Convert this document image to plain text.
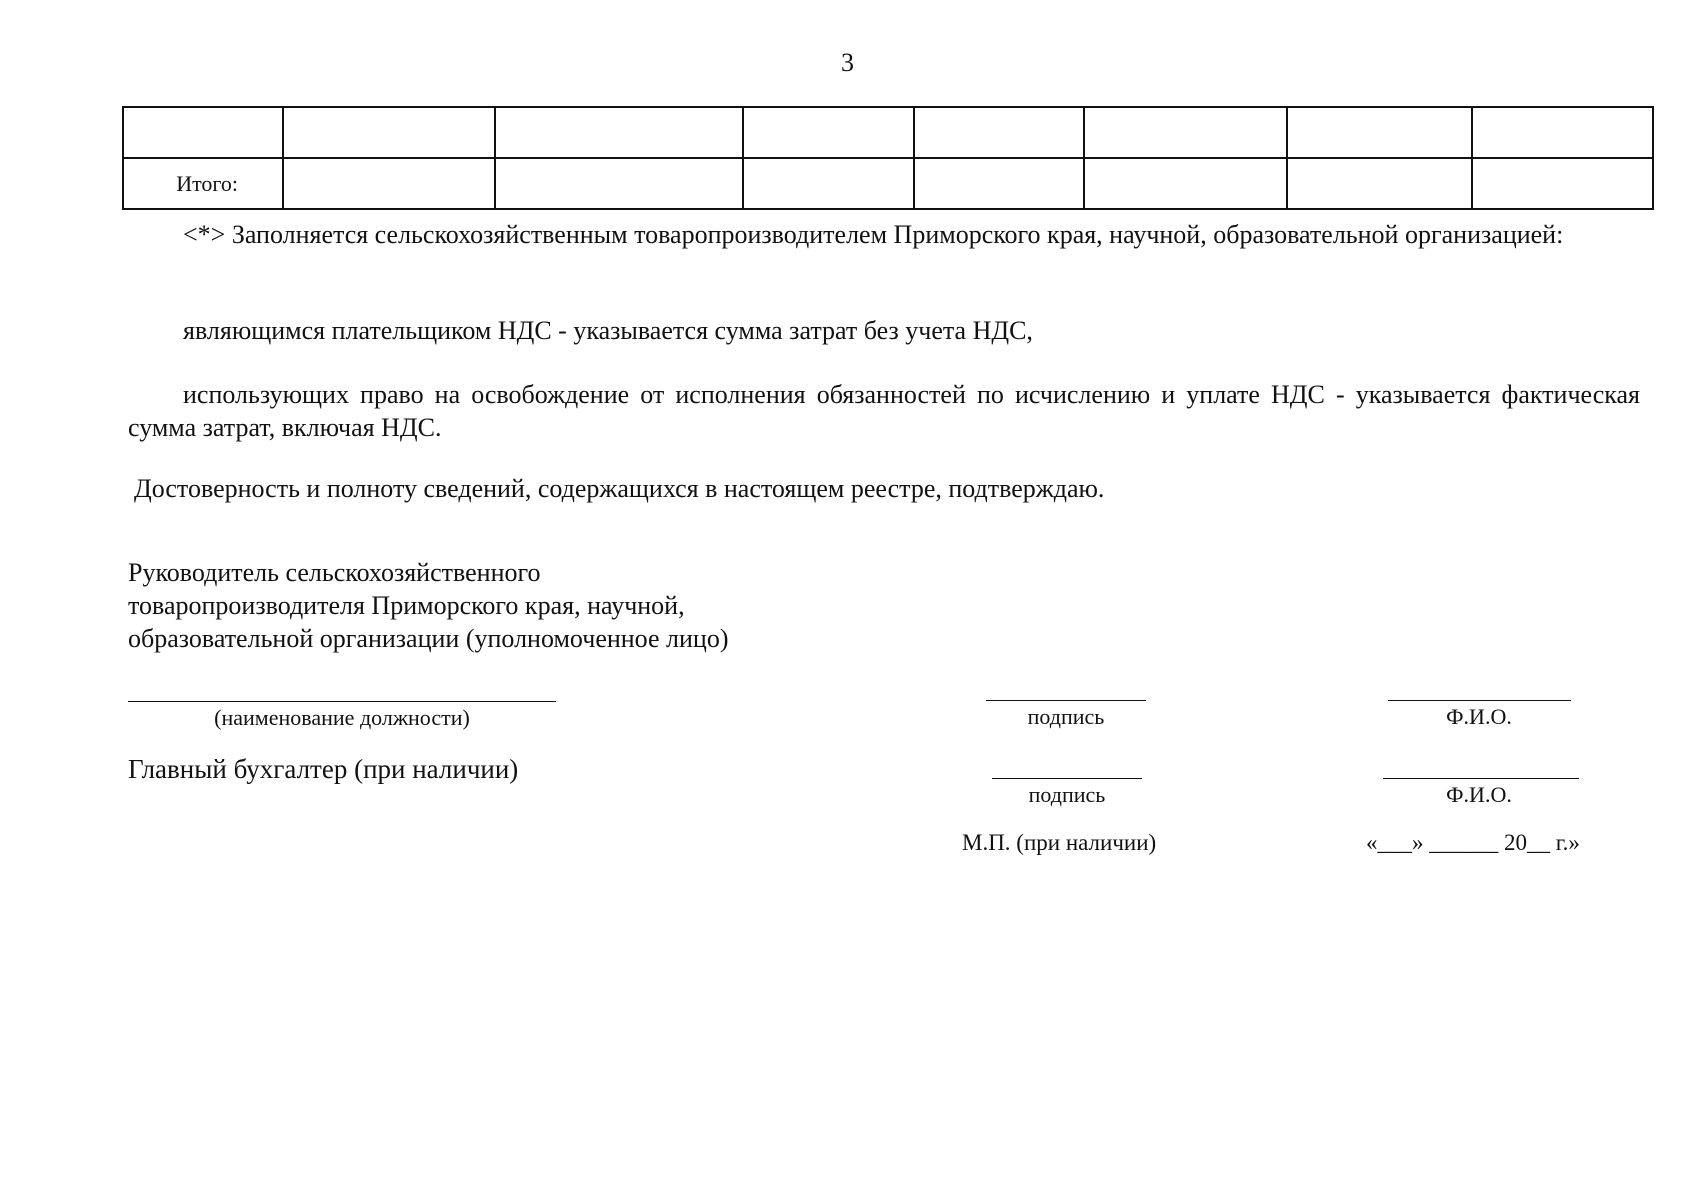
3

Итого:							
<*> Заполняется сельскохозяйственным товаропроизводителем Приморского края, научной, образовательной организацией:
являющимся плательщиком НДС - указывается сумма затрат без учета НДС,
использующих право на освобождение от исполнения обязанностей по исчислению и уплате НДС - указывается фактическая сумма затрат, включая НДС.
Достоверность и полноту сведений, содержащихся в настоящем реестре, подтверждаю.
Руководитель сельскохозяйственного
товаропроизводителя Приморского края, научной,
образовательной организации (уполномоченное лицо)
(наименование должности)	подпись	Ф.И.О.
Главный бухгалтер (при наличии)
подпись	Ф.И.О.
М.П. (при наличии)	«___» ______ 20__ г.»
